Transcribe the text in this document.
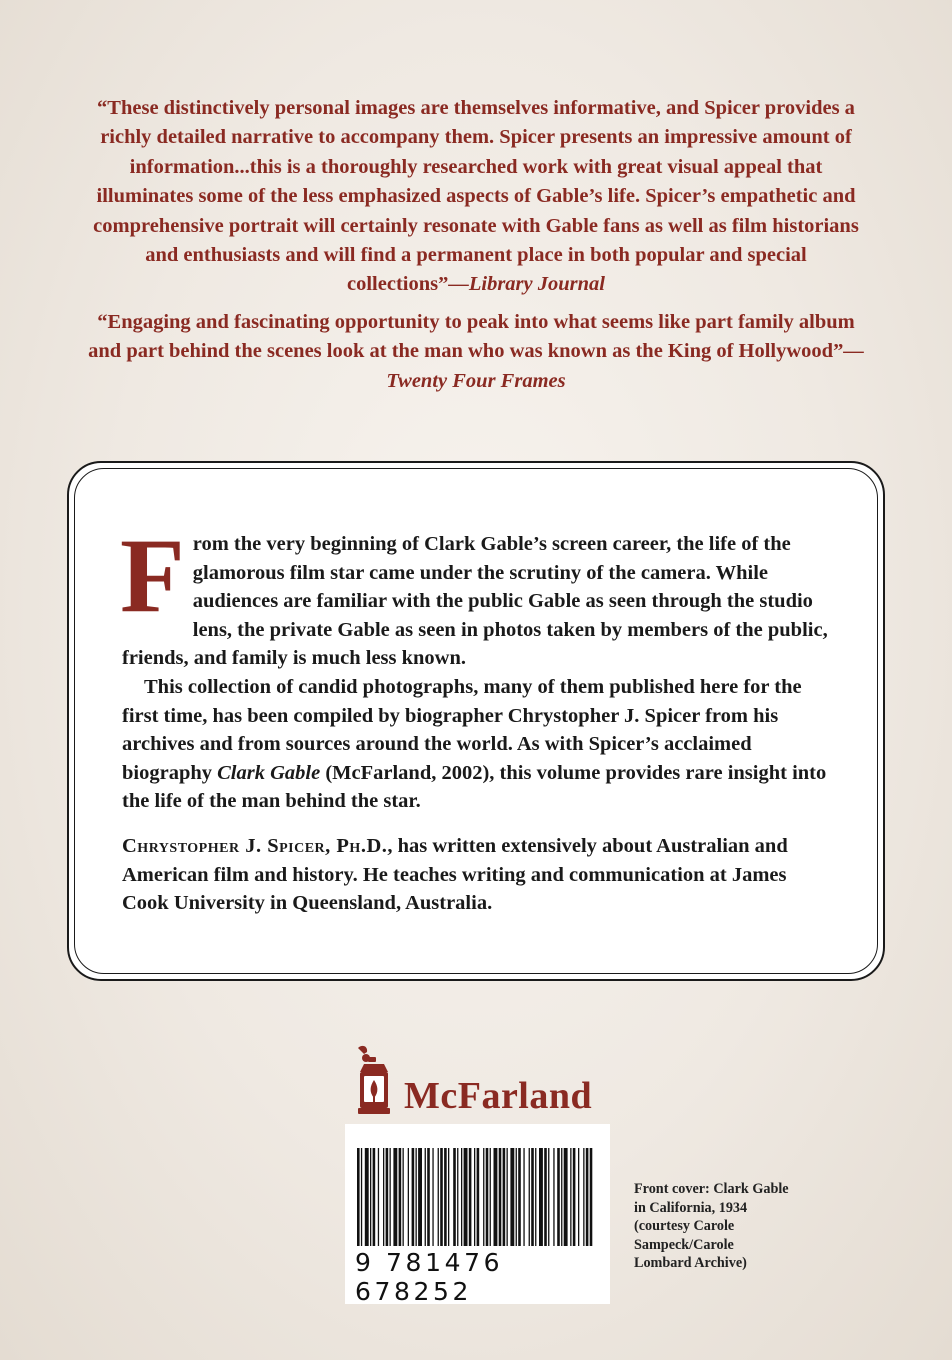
“These distinctively personal images are themselves informative, and Spicer provides a richly detailed narrative to accompany them. Spicer presents an impressive amount of information...this is a thoroughly researched work with great visual appeal that illuminates some of the less emphasized aspects of Gable’s life. Spicer’s empathetic and comprehensive portrait will certainly resonate with Gable fans as well as film historians and enthusiasts and will find a permanent place in both popular and special collections”—Library Journal

“Engaging and fascinating opportunity to peak into what seems like part family album and part behind the scenes look at the man who was known as the King of Hollywood”—Twenty Four Frames

From the very beginning of Clark Gable’s screen career, the life of the glamorous film star came under the scrutiny of the camera. While audiences are familiar with the public Gable as seen through the studio lens, the private Gable as seen in photos taken by members of the public, friends, and family is much less known.

This collection of candid photographs, many of them published here for the first time, has been compiled by biographer Chrystopher J. Spicer from his archives and from sources around the world. As with Spicer’s acclaimed biography Clark Gable (McFarland, 2002), this volume provides rare insight into the life of the man behind the star.

Chrystopher J. Spicer, Ph.D., has written extensively about Australian and American film and history. He teaches writing and communication at James Cook University in Queensland, Australia.

McFarland
9 781476 678252
Front cover: Clark Gable in California, 1934 (courtesy Carole Sampeck/Carole Lombard Archive)
